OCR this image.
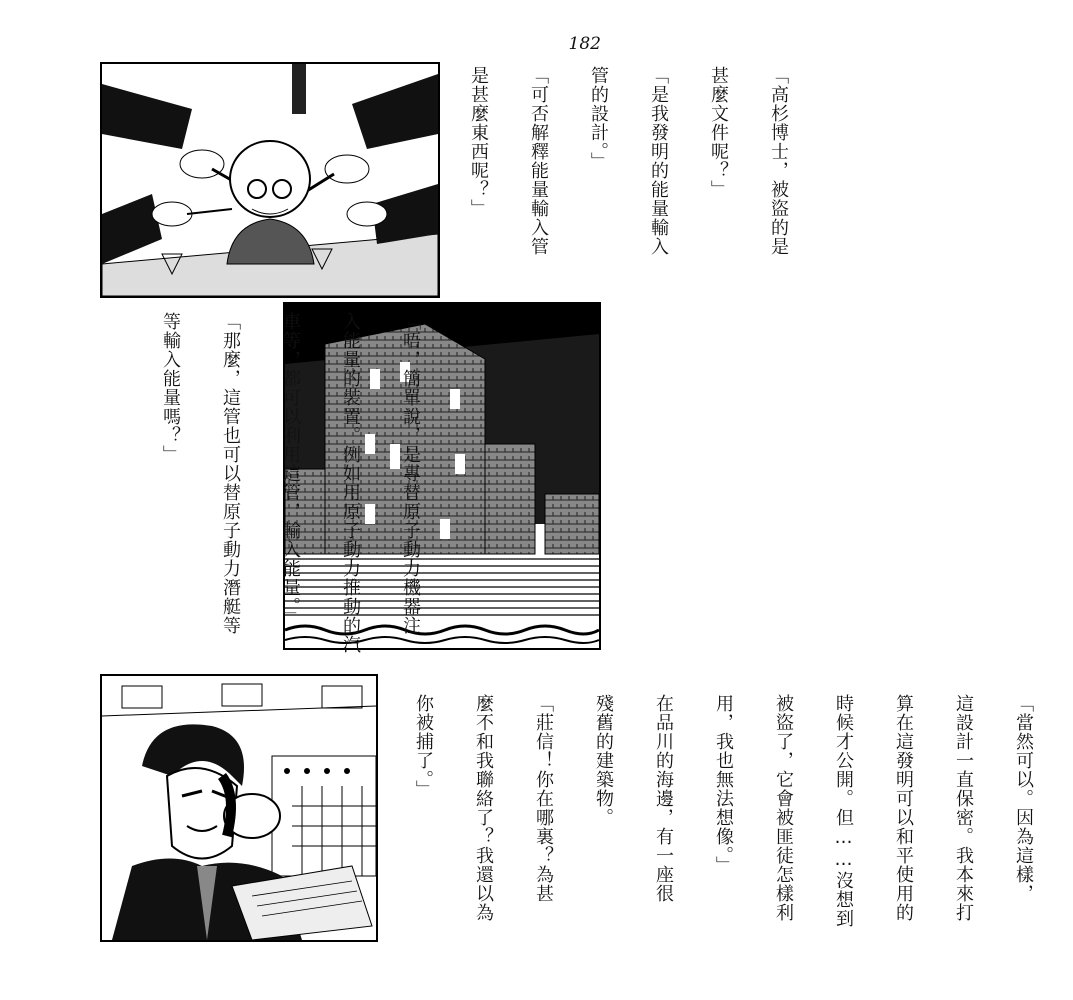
182

「高杉博士，被盜的是

甚麼文件呢？」

「是我發明的能量輸入

管的設計。」

「可否解釋能量輸入管

是甚麼東西呢？」

「唔，簡單說，是專替原子動力機器注

入能量的裝置。例如用原子動力推動的汽

車等，都可以利用這管，輸入能量。」

「那麼，這管也可以替原子動力潛艇等

等輸入能量嗎？」

「當然可以。因為這樣，

這設計一直保密。我本來打

算在這發明可以和平使用的

時候才公開。但……沒想到

被盜了，它會被匪徒怎樣利

用，我也無法想像。」

在品川的海邊，有一座很

殘舊的建築物。

「莊信！你在哪裏？為甚

麼不和我聯絡了？我還以為

你被捕了。」
